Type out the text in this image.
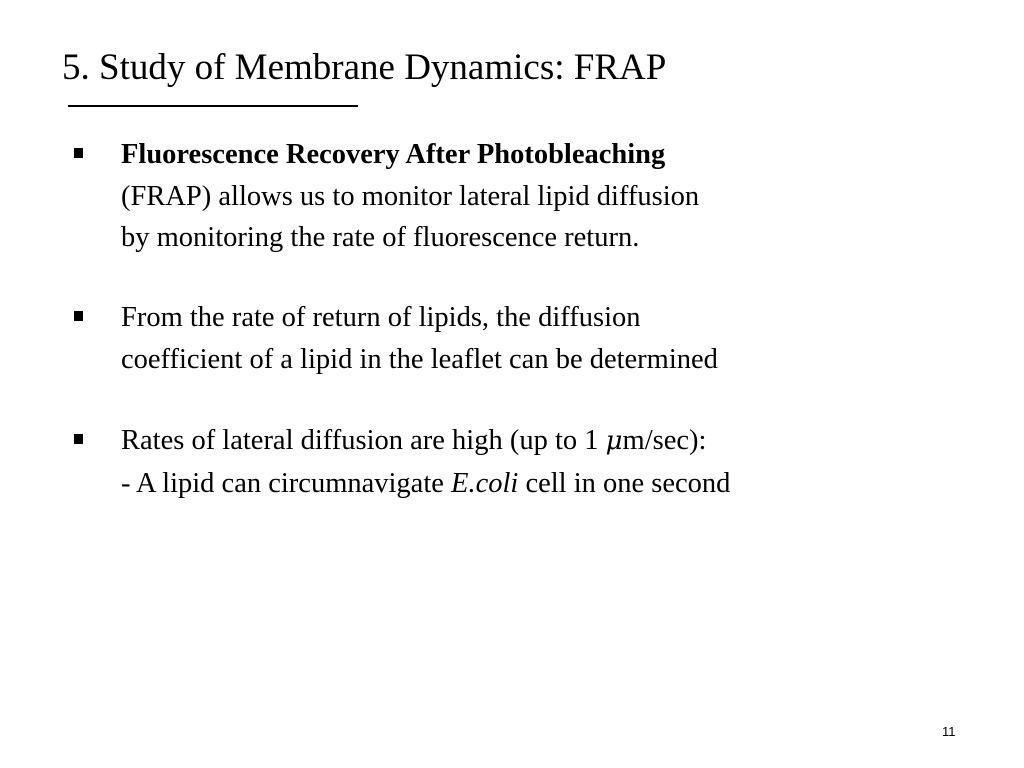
5. Study of Membrane Dynamics: FRAP
Fluorescence Recovery After Photobleaching
(FRAP) allows us to monitor lateral lipid diffusion
by monitoring the rate of fluorescence return.
From the rate of return of lipids, the diffusion
coefficient of a lipid in the leaflet can be determined
Rates of lateral diffusion are high (up to 1 μm/sec):
- A lipid can circumnavigate E.coli cell in one second
11
